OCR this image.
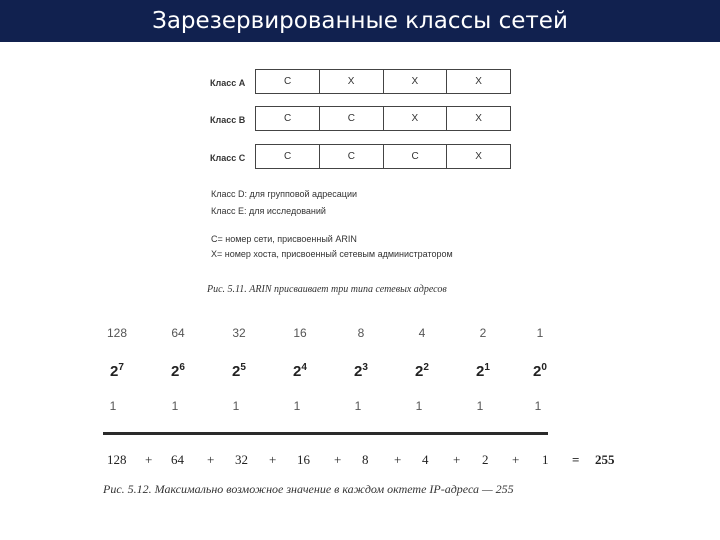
Зарезервированные классы сетей
Класс A	C	X	X	X
Класс B	C	C	X	X
Класс C	C	C	C	X
Класс D: для групповой адресации
Класс E: для исследований
C= номер сети, присвоенный ARIN
X= номер хоста, присвоенный сетевым администратором
Рис. 5.11. ARIN присваивает три типа сетевых адресов
128	64	32	16	8	4	2	1
$2^7$	$2^6$	$2^5$	$2^4$	$2^3$	$2^2$	$2^1$	$2^0$
1	1	1	1	1	1	1	1
128 + 64 + 32 + 16 + 8 + 4 + 2 + 1 = 255
Рис. 5.12. Максимально возможное значение в каждом октете IP-адреса — 255
